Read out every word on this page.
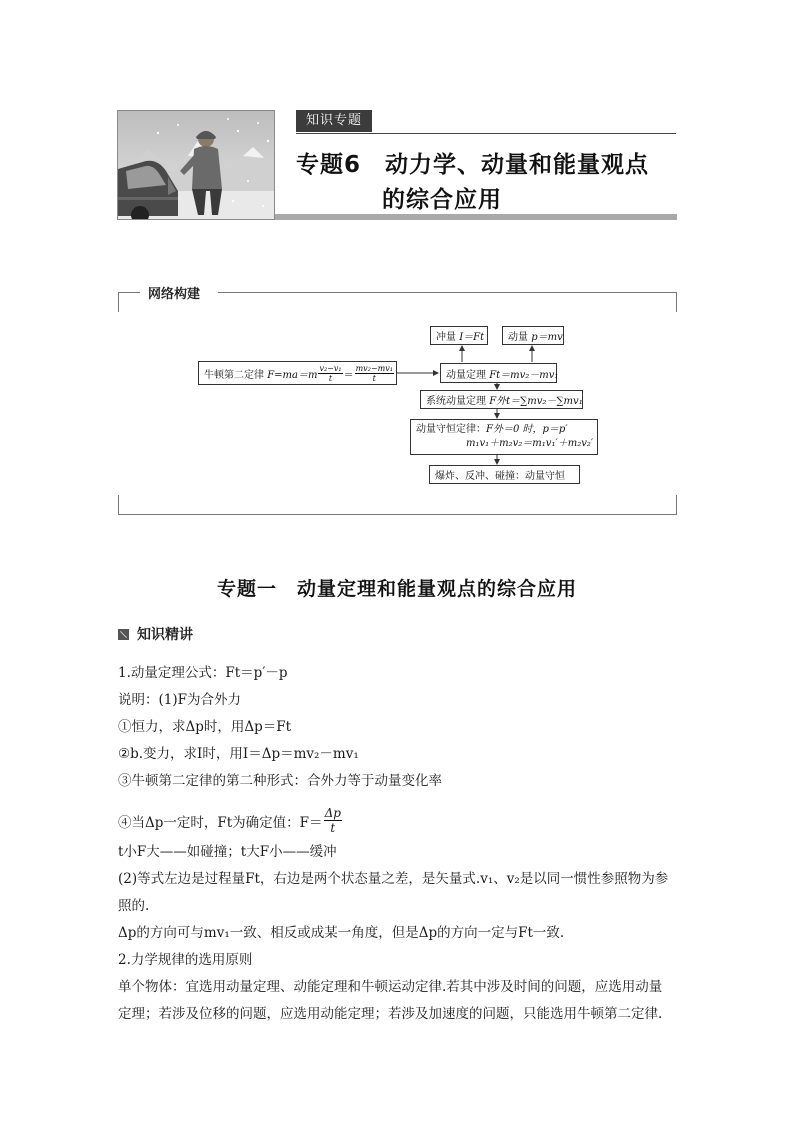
知识专题
专题6　动力学、动量和能量观点
的综合应用
网络构建
冲量
I＝Ft 动量
p＝mv
牛顿第二定律
$F=ma=m \frac{\text{v₂−v₁}}{t} = \frac{\text{mv₂−mv₁}}{t}$	动量定理
Ft＝mv₂－mv₁
系统动量定理
F外t＝∑mv₂－∑mv₁
动量守恒定律：F外＝0 时，p＝p′
m₁v₁＋m₂v₂＝m₁v₁′＋m₂v₂′
爆炸、反冲、碰撞：动量守恒
专题一　动量定理和能量观点的综合应用
知识精讲
1.动量定理公式：Ft＝p′－p
说明：(1)F为合外力
①恒力，求Δp时，用Δp＝Ft
②b.变力，求I时，用I＝Δp＝mv₂－mv₁
③牛顿第二定律的第二种形式：合外力等于动量变化率
④当Δp一定时，Ft为确定值：$F= \frac{\Delta p}{t}$
t小F大——如碰撞；t大F小——缓冲
(2)等式左边是过程量Ft，右边是两个状态量之差，是矢量式.v₁、v₂是以同一惯性参照物为参
照的.
Δp的方向可与mv₁一致、相反或成某一角度，但是Δp的方向一定与Ft一致.
2.力学规律的选用原则
单个物体：宜选用动量定理、动能定理和牛顿运动定律.若其中涉及时间的问题，应选用动量
定理；若涉及位移的问题，应选用动能定理；若涉及加速度的问题，只能选用牛顿第二定律.
